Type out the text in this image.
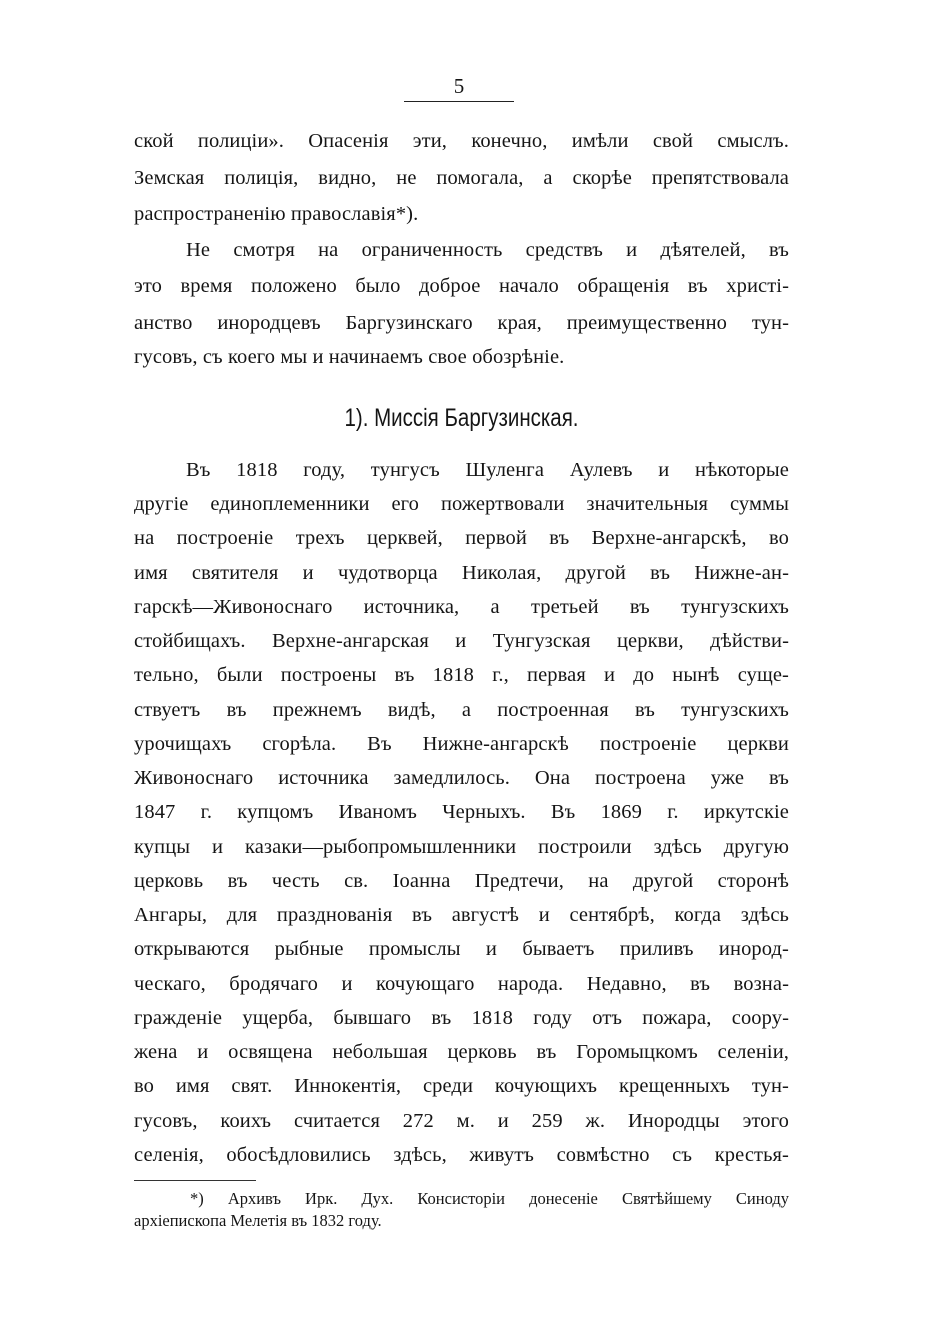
5
ской полиціи». Опасенія эти, конечно, имѣли свой смыслъ.
Земская полиція, видно, не помогала, а скорѣе препятствовала
распространенію православія*).
Не смотря на ограниченность средствъ и дѣятелей, въ
это время положено было доброе начало обращенія въ христі-
анство инородцевъ Баргузинскаго края, преимущественно тун-
гусовъ, съ коего мы и начинаемъ свое обозрѣніе.
1). Миссія Баргузинская.
Въ 1818 году, тунгусъ Шуленга Аулевъ и нѣкоторые
другіе единоплеменники его пожертвовали значительныя суммы
на построеніе трехъ церквей, первой въ Верхне-ангарскѣ, во
имя святителя и чудотворца Николая, другой въ Нижне-ан-
гарскѣ—Живоноснаго источника, а третьей въ тунгузскихъ
стойбищахъ. Верхне-ангарская и Тунгузская церкви, дѣйстви-
тельно, были построены въ 1818 г., первая и до нынѣ суще-
ствуетъ въ прежнемъ видѣ, а построенная въ тунгузскихъ
урочищахъ сгорѣла. Въ Нижне-ангарскѣ построеніе церкви
Живоноснаго источника замедлилось. Она построена уже въ
1847 г. купцомъ Иваномъ Черныхъ. Въ 1869 г. иркутскіе
купцы и казаки—рыбопромышленники построили здѣсь другую
церковь въ честь св. Іоанна Предтечи, на другой сторонѣ
Ангары, для празднованія въ августѣ и сентябрѣ, когда здѣсь
открываются рыбные промыслы и бываетъ приливъ инород-
ческаго, бродячаго и кочующаго народа. Недавно, въ возна-
гражденіе ущерба, бывшаго въ 1818 году отъ пожара, соору-
жена и освящена небольшая церковь въ Горомыцкомъ селеніи,
во имя свят. Иннокентія, среди кочующихъ крещенныхъ тун-
гусовъ, коихъ считается 272 м. и 259 ж. Инородцы этого
селенія, обосѣдловились здѣсь, живутъ совмѣстно съ крестья-
*) Архивъ Ирк. Дух. Консисторіи донесеніе Святѣйшему Синоду
архіепископа Мелетія въ 1832 году.
